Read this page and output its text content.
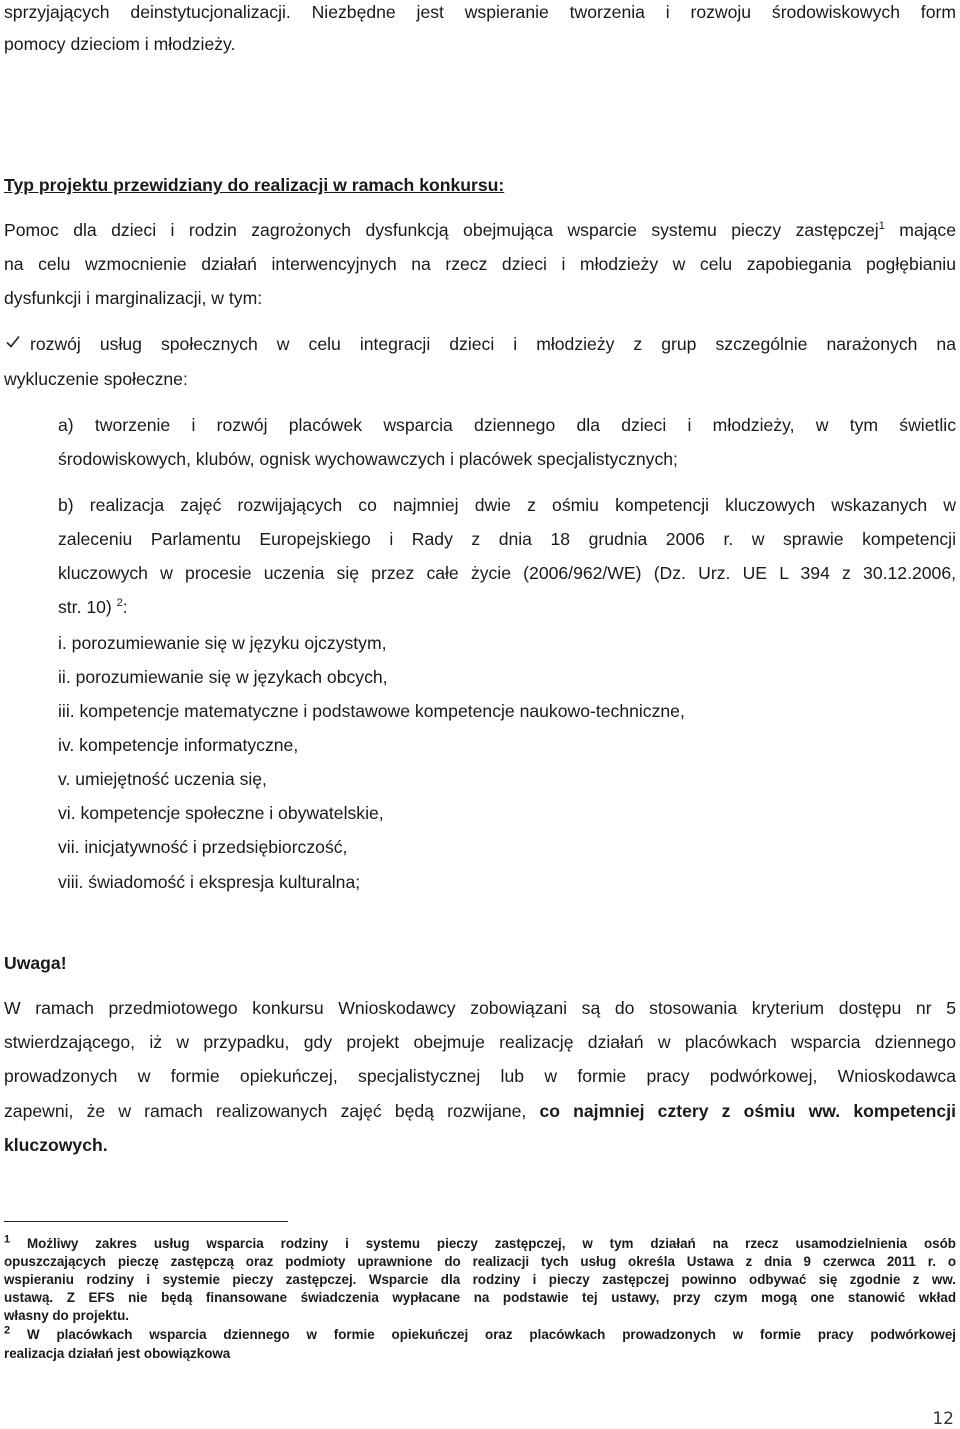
sprzyjających deinstytucjonalizacji. Niezbędne jest wspieranie tworzenia i rozwoju środowiskowych form
pomocy dzieciom i młodzieży.
Typ projektu przewidziany do realizacji w ramach konkursu:
Pomoc dla dzieci i rodzin zagrożonych dysfunkcją obejmująca wsparcie systemu pieczy zastępczej$^1$ mające
na celu wzmocnienie działań interwencyjnych na rzecz dzieci i młodzieży w celu zapobiegania pogłębianiu
dysfunkcji i marginalizacji, w tym:
rozwój usług społecznych w celu integracji dzieci i młodzieży z grup szczególnie narażonych na
wykluczenie społeczne:
a) tworzenie i rozwój placówek wsparcia dziennego dla dzieci i młodzieży, w tym świetlic
środowiskowych, klubów, ognisk wychowawczych i placówek specjalistycznych;
b) realizacja zajęć rozwijających co najmniej dwie z ośmiu kompetencji kluczowych wskazanych w
zaleceniu Parlamentu Europejskiego i Rady z dnia 18 grudnia 2006 r. w sprawie kompetencji
kluczowych w procesie uczenia się przez całe życie (2006/962/WE) (Dz. Urz. UE L 394 z 30.12.2006,
str. 10) $^2$:
i. porozumiewanie się w języku ojczystym,
ii. porozumiewanie się w językach obcych,
iii. kompetencje matematyczne i podstawowe kompetencje naukowo-techniczne,
iv. kompetencje informatyczne,
v. umiejętność uczenia się,
vi. kompetencje społeczne i obywatelskie,
vii. inicjatywność i przedsiębiorczość,
viii. świadomość i ekspresja kulturalna;
Uwaga!
W ramach przedmiotowego konkursu Wnioskodawcy zobowiązani są do stosowania kryterium dostępu nr 5
stwierdzającego, iż w przypadku, gdy projekt obejmuje realizację działań w placówkach wsparcia dziennego
prowadzonych w formie opiekuńczej, specjalistycznej lub w formie pracy podwórkowej, Wnioskodawca
zapewni, że w ramach realizowanych zajęć będą rozwijane, co najmniej cztery z ośmiu ww. kompetencji
kluczowych.
$^1$ Możliwy zakres usług wsparcia rodziny i systemu pieczy zastępczej, w tym działań na rzecz usamodzielnienia osób
opuszczających pieczę zastępczą oraz podmioty uprawnione do realizacji tych usług określa Ustawa z dnia 9 czerwca 2011 r. o
wspieraniu rodziny i systemie pieczy zastępczej. Wsparcie dla rodziny i pieczy zastępczej powinno odbywać się zgodnie z ww.
ustawą. Z EFS nie będą finansowane świadczenia wypłacane na podstawie tej ustawy, przy czym mogą one stanowić wkład
własny do projektu.
$^2$ W placówkach wsparcia dziennego w formie opiekuńczej oraz placówkach prowadzonych w formie pracy podwórkowej
realizacja działań jest obowiązkowa
12
